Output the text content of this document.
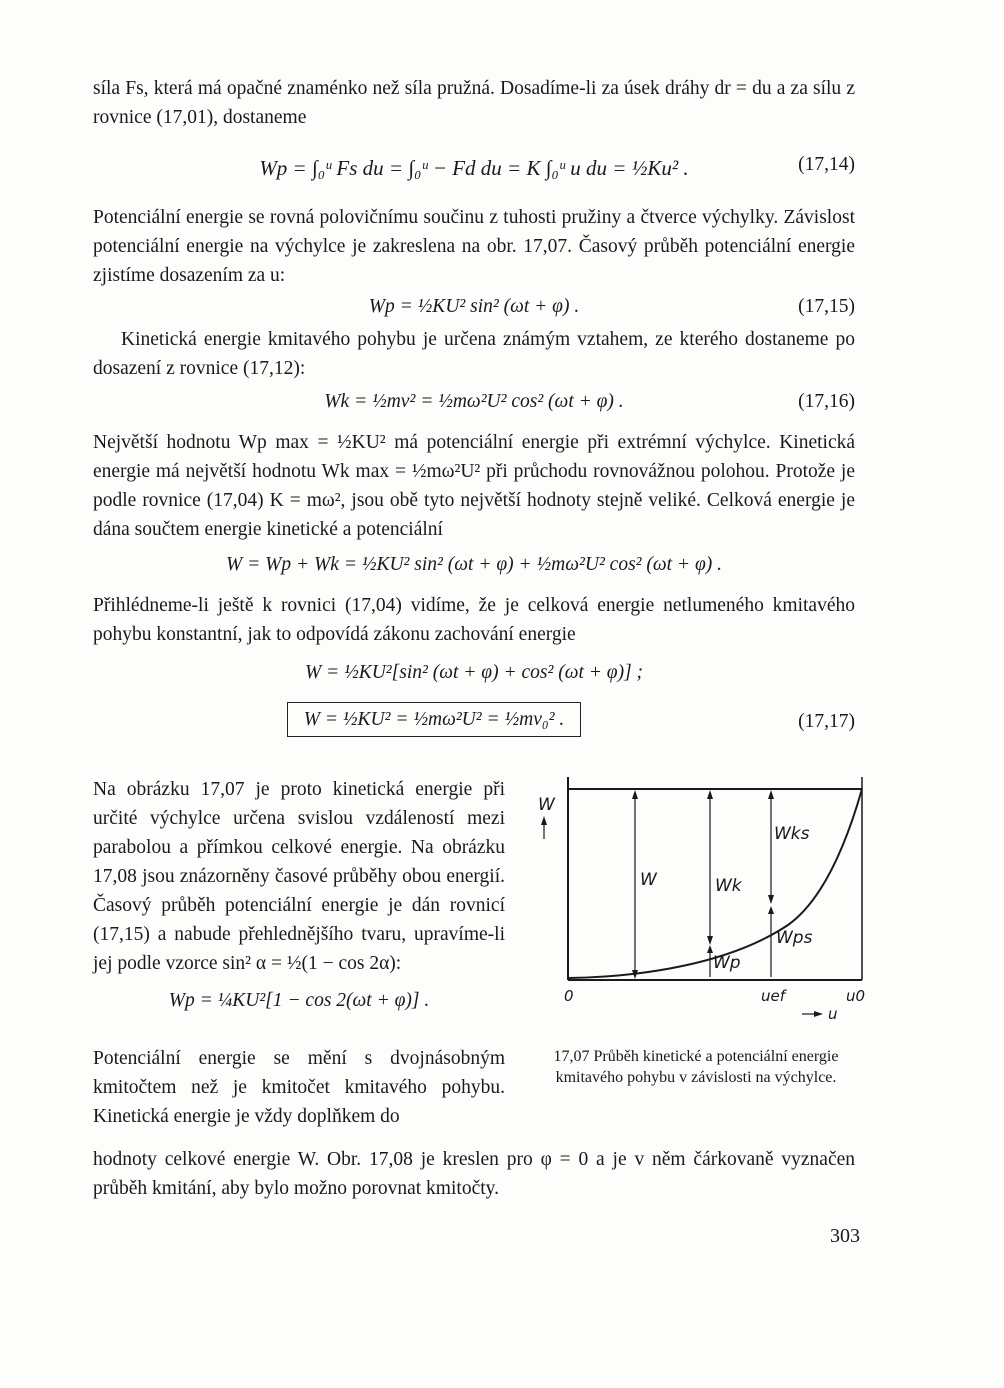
síla Fs, která má opačné znaménko než síla pružná. Dosadíme-li za úsek dráhy dr = du a za sílu z rovnice (17,01), dostaneme

Wp = ∫₀ᵘ Fs du = ∫₀ᵘ − Fd du = K ∫₀ᵘ u du = ½Ku² .	(17,14)

Potenciální energie se rovná polovičnímu součinu z tuhosti pružiny a čtverce výchylky. Závislost potenciální energie na výchylce je zakreslena na obr. 17,07. Časový průběh potenciální energie zjistíme dosazením za u:

Wp = ½KU² sin² (ωt + φ) .	(17,15)

Kinetická energie kmitavého pohybu je určena známým vztahem, ze kterého dostaneme po dosazení z rovnice (17,12):

Wk = ½mv² = ½mω²U² cos² (ωt + φ) .	(17,16)

Největší hodnotu Wp max = ½KU² má potenciální energie při extrémní výchylce. Kinetická energie má největší hodnotu Wk max = ½mω²U² při průchodu rovnovážnou polohou. Protože je podle rovnice (17,04) K = mω², jsou obě tyto největší hodnoty stejně veliké. Celková energie je dána součtem energie kinetické a potenciální

W = Wp + Wk = ½KU² sin² (ωt + φ) + ½mω²U² cos² (ωt + φ) .

Přihlédneme-li ještě k rovnici (17,04) vidíme, že je celková energie netlumeného kmitavého pohybu konstantní, jak to odpovídá zákonu zachování energie

W = ½KU²[sin² (ωt + φ) + cos² (ωt + φ)] ;
W = ½KU² = ½mω²U² = ½mv₀² .	(17,17)

Na obrázku 17,07 je proto kinetická energie při určité výchylce určena svislou vzdáleností mezi parabolou a přímkou celkové energie. Na obrázku 17,08 jsou znázorněny časové průběhy obou energií. Časový průběh potenciální energie je dán rovnicí (17,15) a nabude přehlednějšího tvaru, upravíme-li jej podle vzorce sin² α = ½(1 − cos 2α):

Wp = ¼KU²[1 − cos 2(ωt + φ)] .

Potenciální energie se mění s dvojnásobným kmitočtem než je kmitočet kmitavého pohybu. Kinetická energie je vždy doplňkem do

W
W	Wk
Wks
Wps
Wp
0	uef	u0
u
17,07 Průběh kinetické a potenciální energie kmitavého pohybu v závislosti na výchylce.

hodnoty celkové energie W. Obr. 17,08 je kreslen pro φ = 0 a je v něm čárkovaně vyznačen průběh kmitání, aby bylo možno porovnat kmitočty.

303
